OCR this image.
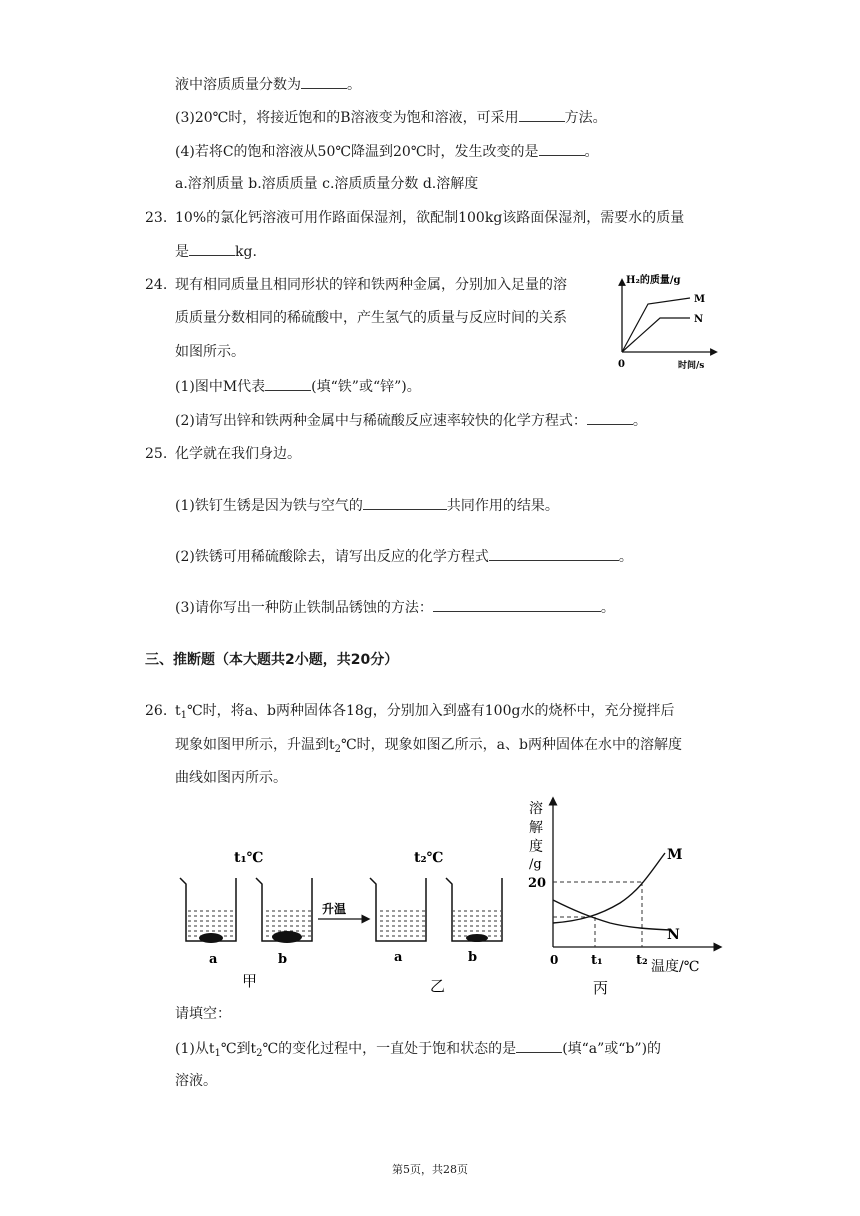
液中溶质质量分数为	。
(3)20℃时，将接近饱和的B溶液变为饱和溶液，可采用	方法。
(4)若将C的饱和溶液从50℃降温到20℃时，发生改变的是	。
a.溶剂质量 b.溶质质量 c.溶质质量分数 d.溶解度
23. 10%的氯化钙溶液可用作路面保湿剂，欲配制100kg该路面保湿剂，需要水的质量
是	kg.
24. 现有相同质量且相同形状的锌和铁两种金属，分别加入足量的溶
质质量分数相同的稀硫酸中，产生氢气的质量与反应时间的关系
如图所示。
H₂的质量/g
时间/s
0
M
N
(1)图中M代表	(填“铁”或“锌”)。
(2)请写出锌和铁两种金属中与稀硫酸反应速率较快的化学方程式：	。
25. 化学就在我们身边。
(1)铁钉生锈是因为铁与空气的	共同作用的结果。
(2)铁锈可用稀硫酸除去，请写出反应的化学方程式	。
(3)请你写出一种防止铁制品锈蚀的方法：	。
三、推断题（本大题共2小题，共20分）
26. $t_1℃$时，将a、b两种固体各18g，分别加入到盛有100g水的烧杯中，充分搅拌后
现象如图甲所示，升温到$t_2℃$时，现象如图乙所示，a、b两种固体在水中的溶解度
曲线如图丙所示。
t₁℃	t₂℃
升温
a	b	a	b
甲	乙	丙
溶
解
度
/g
20
0	t₁	t₂ 温度/℃
M
N
请填空：
(1)从$t_1℃$到$t_2℃$的变化过程中，一直处于饱和状态的是	(填“a”或“b”)的
溶液。
第5页，共28页
